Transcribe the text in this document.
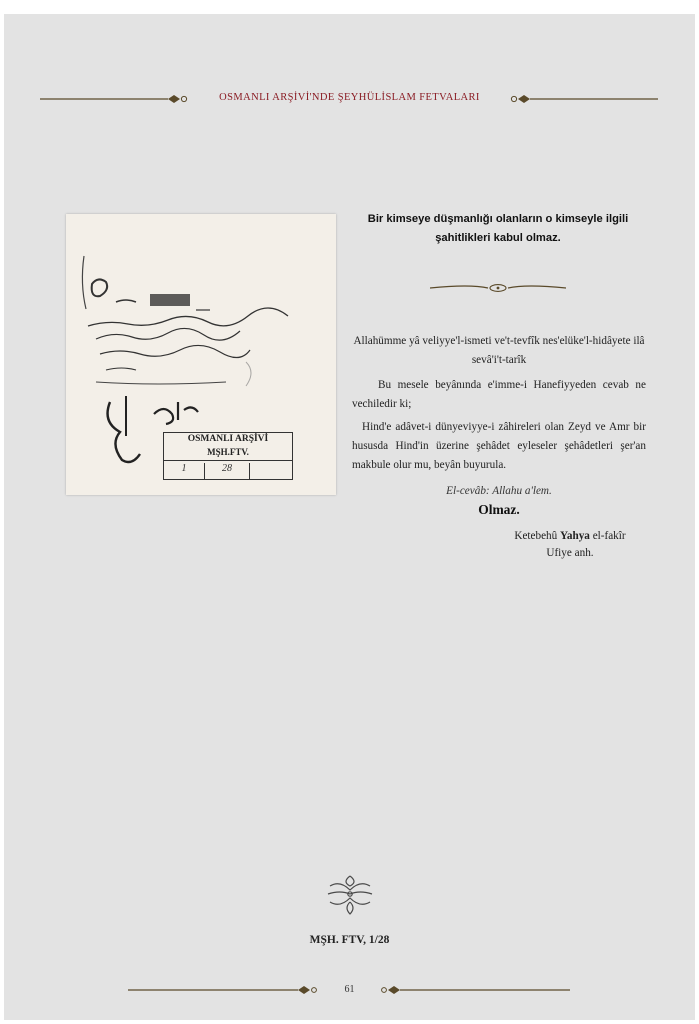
OSMANLI ARŞİVİ'NDE ŞEYHÜLİSLAM FETVALARI
OSMANLI ARŞİVİ
MŞH.FTV.
1	28
Bir kimseye düşmanlığı olanların o kimseyle ilgili şahitlikleri kabul olmaz.
Allahümme yâ veliyye'l-ismeti ve't-tevfîk nes'elüke'l-hidâyete ilâ sevâ'i't-tarîk
Bu mesele beyânında e'imme-i Hanefiyyeden cevab ne vechiledir ki;
Hind'e adâvet-i dünyeviyye-i zâhireleri olan Zeyd ve Amr bir hususda Hind'in üzerine şehâdet eyleseler şehâdetleri şer'an makbule olur mu, beyân buyurula.
El-cevâb: Allahu a'lem.
Olmaz.
Ketebehû Yahya el-fakîr
Ufiye anh.
MŞH. FTV, 1/28
61
